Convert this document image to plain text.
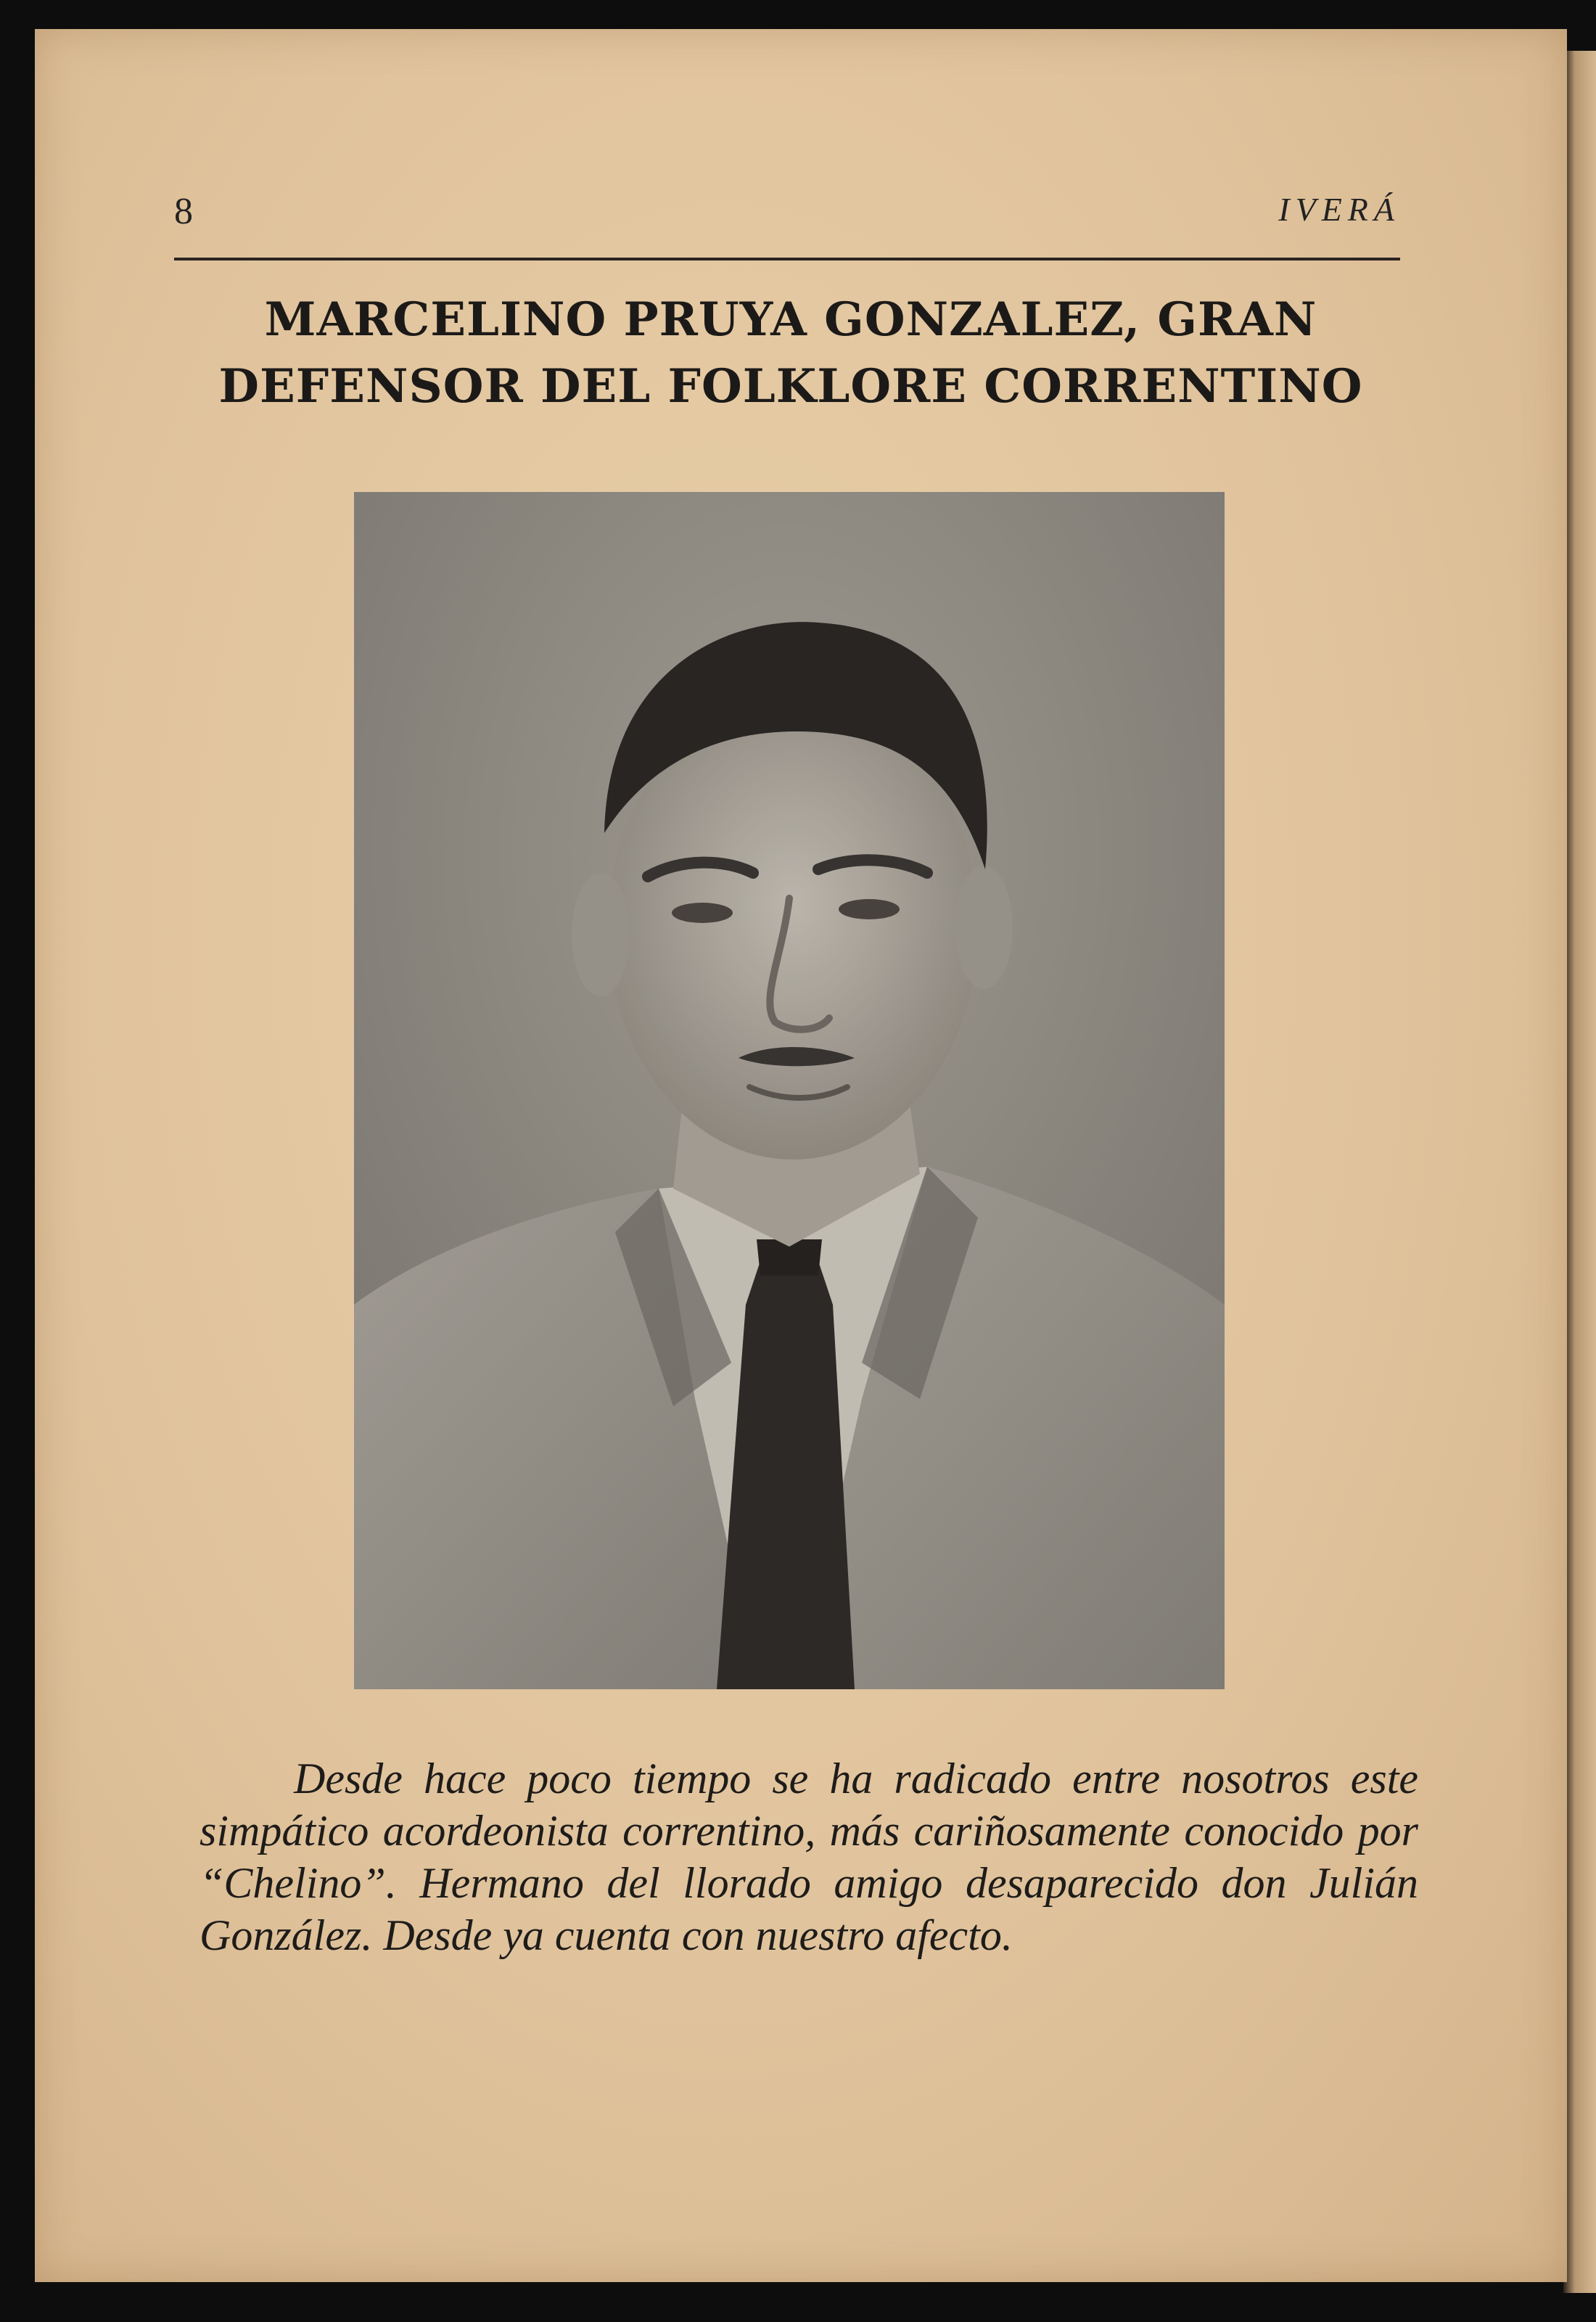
8	IVERÁ
MARCELINO PRUYA GONZALEZ, GRAN DEFENSOR DEL FOLKLORE CORRENTINO
Desde hace poco tiempo se ha radicado entre nosotros este simpático acordeonista correntino, más cariñosamente conocido por “Chelino”. Hermano del llorado amigo desaparecido don Julián González. Desde ya cuenta con nuestro afecto.
